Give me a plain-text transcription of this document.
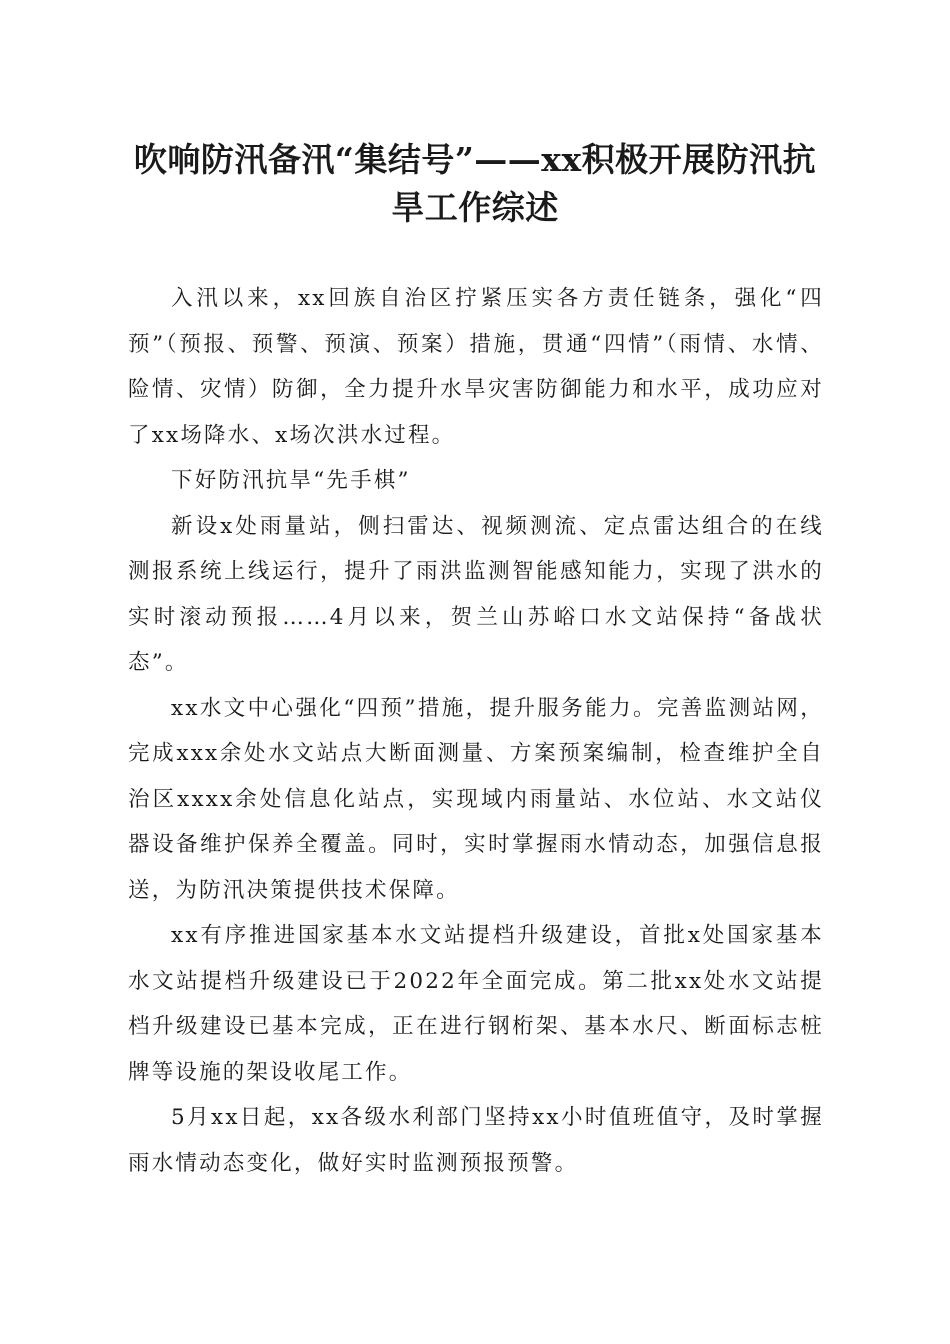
吹响防汛备汛“集结号”——xx积极开展防汛抗旱工作综述

入汛以来，xx回族自治区拧紧压实各方责任链条，强化“四预”（预报、预警、预演、预案）措施，贯通“四情”（雨情、水情、险情、灾情）防御，全力提升水旱灾害防御能力和水平，成功应对了xx场降水、x场次洪水过程。

下好防汛抗旱“先手棋”

新设x处雨量站，侧扫雷达、视频测流、定点雷达组合的在线测报系统上线运行，提升了雨洪监测智能感知能力，实现了洪水的实时滚动预报……4月以来，贺兰山苏峪口水文站保持“备战状态”。

xx水文中心强化“四预”措施，提升服务能力。完善监测站网，完成xxx余处水文站点大断面测量、方案预案编制，检查维护全自治区xxxx余处信息化站点，实现域内雨量站、水位站、水文站仪器设备维护保养全覆盖。同时，实时掌握雨水情动态，加强信息报送，为防汛决策提供技术保障。

xx有序推进国家基本水文站提档升级建设，首批x处国家基本水文站提档升级建设已于2022年全面完成。第二批xx处水文站提档升级建设已基本完成，正在进行钢桁架、基本水尺、断面标志桩牌等设施的架设收尾工作。

5月xx日起，xx各级水利部门坚持xx小时值班值守，及时掌握雨水情动态变化，做好实时监测预报预警。
